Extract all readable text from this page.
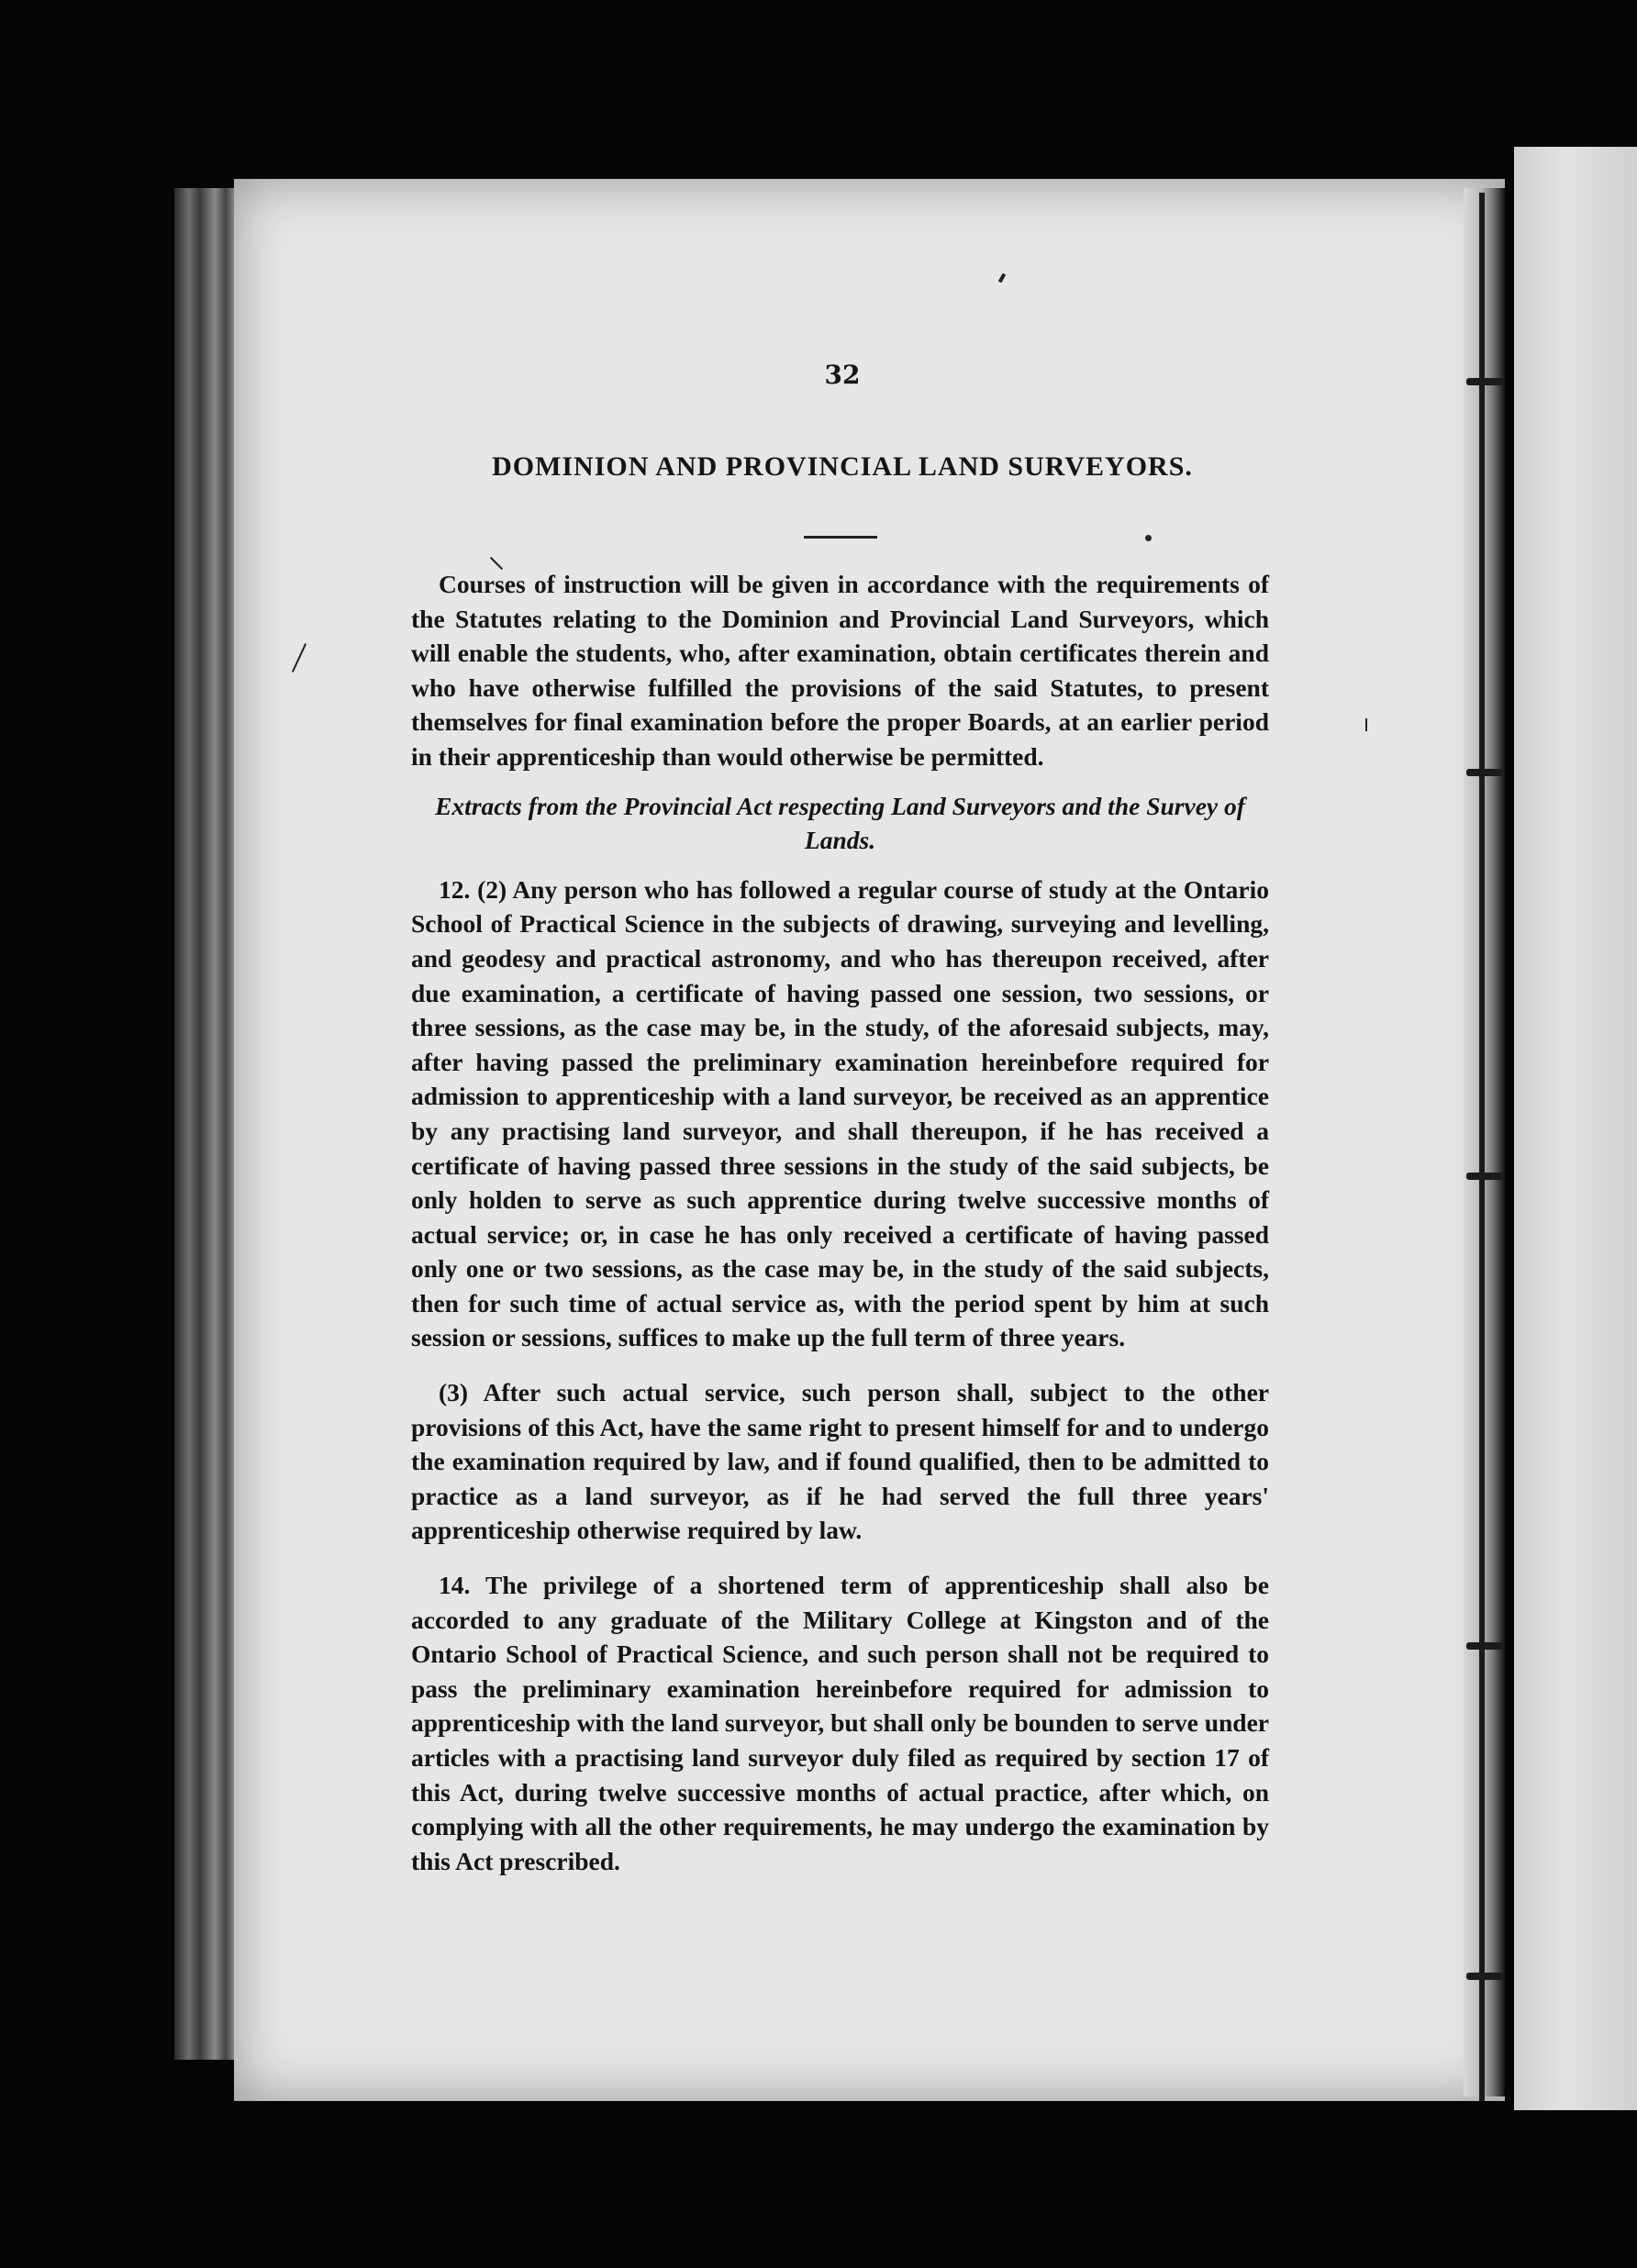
32
DOMINION AND PROVINCIAL LAND SURVEYORS.

Courses of instruction will be given in accordance with the requirements of the Statutes relating to the Dominion and Provincial Land Surveyors, which will enable the students, who, after examination, obtain certificates therein and who have otherwise fulfilled the provisions of the said Statutes, to present themselves for final examination before the proper Boards, at an earlier period in their apprenticeship than would otherwise be permitted.

Extracts from the Provincial Act respecting Land Surveyors and the Survey of Lands.

12. (2) Any person who has followed a regular course of study at the Ontario School of Practical Science in the subjects of drawing, surveying and levelling, and geodesy and practical astronomy, and who has thereupon received, after due examination, a certificate of having passed one session, two sessions, or three sessions, as the case may be, in the study, of the aforesaid subjects, may, after having passed the preliminary examination hereinbefore required for admission to apprenticeship with a land surveyor, be received as an apprentice by any practising land surveyor, and shall thereupon, if he has received a certificate of having passed three sessions in the study of the said subjects, be only holden to serve as such apprentice during twelve successive months of actual service; or, in case he has only received a certificate of having passed only one or two sessions, as the case may be, in the study of the said subjects, then for such time of actual service as, with the period spent by him at such session or sessions, suffices to make up the full term of three years.

(3) After such actual service, such person shall, subject to the other provisions of this Act, have the same right to present himself for and to undergo the examination required by law, and if found qualified, then to be admitted to practice as a land surveyor, as if he had served the full three years' apprenticeship otherwise required by law.

14. The privilege of a shortened term of apprenticeship shall also be accorded to any graduate of the Military College at Kingston and of the Ontario School of Practical Science, and such person shall not be required to pass the preliminary examination hereinbefore required for admission to apprenticeship with the land surveyor, but shall only be bounden to serve under articles with a practising land surveyor duly filed as required by section 17 of this Act, during twelve successive months of actual practice, after which, on complying with all the other requirements, he may undergo the examination by this Act prescribed.
